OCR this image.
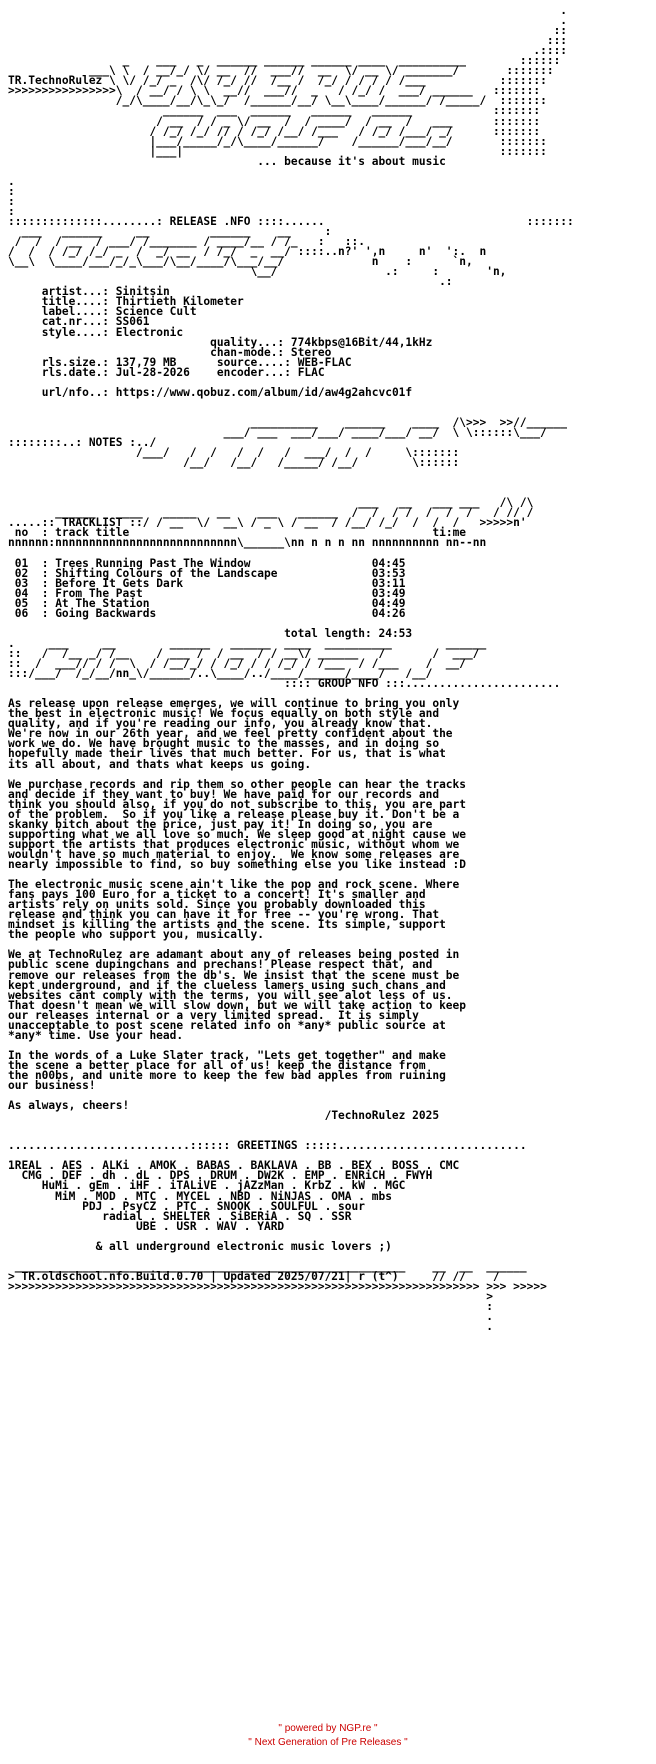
.
.
::
:::
.::::
_    ___   _  ______ ______ ______ ____  __________        ::::::
___\ \  / __/_/ \/ __  //  ___//  __  \/ __ \/ _______/       :::::::
TR.TechnoRulez \ \/ /_/ _  /\/ /_/ //  /__ /  /_/ / / / / /___           :::::::
>>>>>>>>>>>>>>>>\  / __/ / \ \  __//  ___//  _   / /_/ /  ___/ ______   :::::::
/_/\____/__/\_\_/  /______/__/ \__\____/______/ /_____/  :::::::
______  ___  ______   ______   ______            :::::::
/ __  / / _ \/ __  /  / ____/  / __  /   ___      :::::::
/ /_/ /_/ // / /_/ /__/ /___   / /_/ /___/ _/      :::::::
|___/_____/_/\____/______/    /______/___/__/       :::::::
|___|                                               :::::::
... because it's about music

.
:
:
:
::::::::::::::........: RELEASE .NFO ::::......                              :::::::
___   ______     __         ______    __     :
/  /  / __  / ___/ /_______ / ____/__ / /_   :   ::.
/  /  / /_/ /_/ _  /  _/ __  / /_/  _  __/ ::::..n?' ',n     n'  ':.  n
\__\  \____/___/_/_\___/\__/____/\___/__/             n    :      `n,
\__/                .:     :       'n,
.:
artist...: Sinitsin
title....: Thirtieth Kilometer
label....: Science Cult
cat.nr...: SS061
style....: Electronic
quality...: 774kbps@16Bit/44,1kHz
chan-mode.: Stereo
rls.size.: 137,79 MB	source....: WEB-FLAC
rls.date.: Jul-28-2026 encoder...: FLAC

url/nfo..: https://www.qobuz.com/album/id/aw4g2ahcvc01f

__________    ______    ____  /\>>>  >>//______
___/ ___  ___/___/ ____/___/ __/  \ \::::::\___/
::::::::..: NOTES :../
/___/   /  /   /  /   /  ___/  /  /     \:::::::
/__/   /__/   /_____/ /__/        \::::::

___   __   ___ ___   /\ /\
______   ____   _____   __    ___   ______  /  /  / /  /  /  /   / // /
.....:: TRACKLIST ::/ / __  \/  __\ / _ \ / __  / /__/ /_/  /  /  /   >>>>>n'
no  : track title	ti:me
nnnnnn:nnnnnnnnnnnnnnnnnnnnnnnnnnn\______\nn n n n nn nnnnnnnnnn nn--nn

01  : Trees Running Past The Window	04:45
02  : Shifting Colours of the Landscape	03:53
03  : Before It Gets Dark	03:11
04  : From The Past	03:49
05  : At The Station	04:49
06  : Going Backwards	04:26

total length: 24:53
.     ___     __        ______   ______  ____  __________        ______
::   /  /__ _/ /__    / ___ /  / __  / / __\/ ______   /       /  ___/
::  /  ___// / /  \  / /__/_/ / /_/ / / /_/ / /___  / /___    /  __/
:::/___/  /_/__/nn_\/______/..\____/../____/______/____/   /__/
:::: GROUP NFO :::.......................

As release upon release emerges, we will continue to bring you only
the best in electronic music! We focus equally on both style and
quality, and if you're reading our info, you already know that.
We're now in our 26th year, and we feel pretty confident about the
work we do. We have brought music to the masses, and in doing so
hopefully made their lives that much better. For us, that is what
its all about, and thats what keeps us going.

We purchase records and rip them so other people can hear the tracks
and decide if they want to buy! We have paid for our records and
think you should also, if you do not subscribe to this, you are part
of the problem.  So if you like a release please buy it. Don't be a
skanky bitch about the price, just pay it! In doing so, you are
supporting what we all love so much. We sleep good at night cause we
support the artists that produces electronic music, without whom we
wouldn't have so much material to enjoy.  We know some releases are
nearly impossible to find, so buy something else you like instead :D

The electronic music scene ain't like the pop and rock scene. Where
fans pays 100 Euro for a ticket to a concert! It's smaller and
artists rely on units sold. Since you probably downloaded this
release and think you can have it for free -- you're wrong. That
mindset is killing the artists and the scene. Its simple, support
the people who support you, musically.

We at TechnoRulez are adamant about any of releases being posted in
public scene dupingchans and prechans! Please respect that, and
remove our releases from the db's. We insist that the scene must be
kept underground, and if the clueless lamers using such chans and
websites cant comply with the terms, you will see alot less of us.
That doesn't mean we will slow down, but we will take action to keep
our releases internal or a very limited spread.  It is simply
unacceptable to post scene related info on *any* public source at
*any* time. Use your head.

In the words of a Luke Slater track, "Lets get together" and make
the scene a better place for all of us! keep the distance from
the n00bs, and unite more to keep the few bad apples from ruining
our business!

As always, cheers!
/TechnoRulez 2025

...........................:::::: GREETINGS :::::............................

1REAL . AES . ALKi . AMOK . BABAS . BAKLAVA . BB . BEX . BOSS . CMC
CMG . DEF . dh . dL . DPS . DRUM . DW2K . EMP . ENRiCH . FWYH
HuMi . gEm . iHF . iTALiVE . jAZzMan . KrbZ . kW . MGC
MiM . MOD . MTC . MYCEL . NBD . NiNJAS . OMA . mbs
PDJ . PsyCZ . PTC . SNOOK . SOULFUL . sour
radial . SHELTER . SiBERiA . SQ . SSR
UBE . USR . WAV . YARD

& all underground electronic music lovers ;)

__________________________________________________________    __  __  ______
> TR.oldschool.nfo.Build.0.70 | Updated 2025/07/21| r (t^)     // //    /
>>>>>>>>>>>>>>>>>>>>>>>>>>>>>>>>>>>>>>>>>>>>>>>>>>>>>>>>>>>>>>>>>>>>>> >>> >>>>>
>
:
.
.
" powered by NGP.re "
" Next Generation of Pre Releases "
